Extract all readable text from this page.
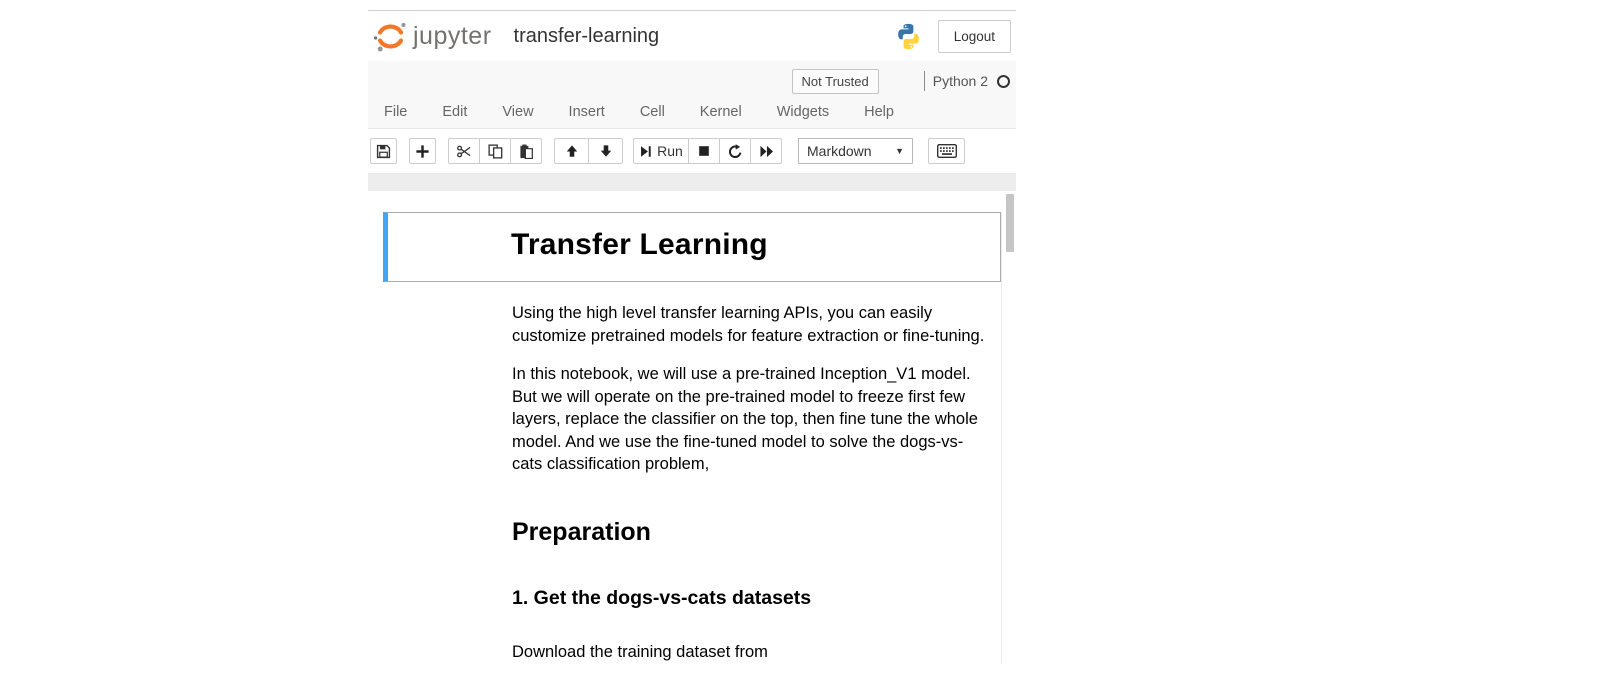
jupyter transfer-learning	Logout
Not Trusted	Python 2
File Edit View Insert Cell Kernel Widgets Help
Run	Markdown	▼
Transfer Learning

Using the high level transfer learning APIs, you can easily customize pretrained models for feature extraction or fine-tuning.

In this notebook, we will use a pre-trained Inception_V1 model. But we will operate on the pre-trained model to freeze first few layers, replace the classifier on the top, then fine tune the whole model. And we use the fine-tuned model to solve the dogs-vs-cats classification problem,

Preparation
1. Get the dogs-vs-cats datasets

Download the training dataset from
